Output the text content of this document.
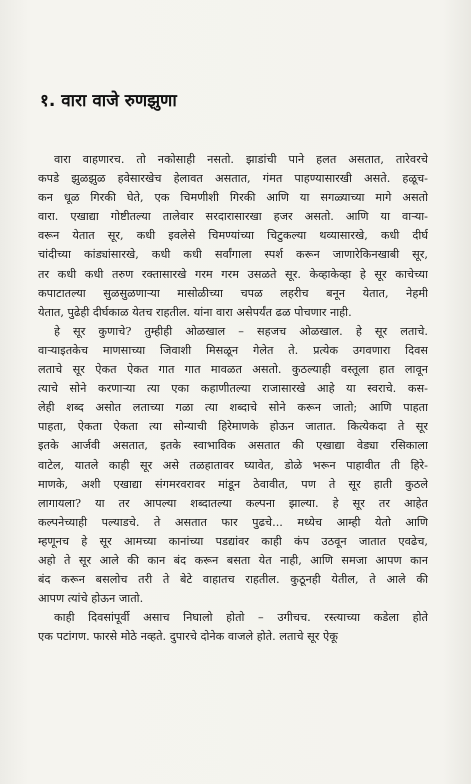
१. वारा वाजे रुणझुणा
वारा वाहणारच. तो नकोसाही नसतो. झाडांची पाने हलत असतात, तारेवरचे
कपडे झुळझुळ हवेसारखेच हेलावत असतात, गंमत पाहण्यासारखी असते. हळूच-
कन धूळ गिरकी घेते, एक चिमणीशी गिरकी आणि या सगळ्याच्या मागे असतो
वारा. एखाद्या गोष्टीतल्या तालेवार सरदारासारखा हजर असतो. आणि या वाऱ्या-
वरून येतात सूर, कधी इवलेसे चिमण्यांच्या चिटुकल्या थव्यासारखे, कधी दीर्घ
चांदीच्या कांड्यांसारखे, कधी कधी सर्वांगाला स्पर्श करून जाणारेकिनखाबी सूर,
तर कधी कधी तरुण रक्तासारखे गरम गरम उसळते सूर. केव्हाकेव्हा हे सूर काचेच्या
कपाटातल्या सुळसुळणाऱ्या मासोळीच्या चपळ लहरीच बनून येतात, नेहमी
येतात, पुढेही दीर्घकाळ येतच राहतील. यांना वारा असेपर्यंत ढळ पोचणार नाही.
हे सूर कुणाचे? तुम्हीही ओळखाल – सहजच ओळखाल. हे सूर लताचे.
वाऱ्याइतकेच माणसाच्या जिवाशी मिसळून गेलेत ते. प्रत्येक उगवणारा दिवस
लताचे सूर ऐकत ऐकत गात गात मावळत असतो. कुठल्याही वस्तूला हात लावून
त्याचे सोने करणाऱ्या त्या एका कहाणीतल्या राजासारखे आहे या स्वराचे. कस-
लेही शब्द असोत लताच्या गळा त्या शब्दाचे सोने करून जातो; आणि पाहता
पाहता, ऐकता ऐकता त्या सोन्याची हिरेमाणके होऊन जातात. कित्येकदा ते सूर
इतके आर्जवी असतात, इतके स्वाभाविक असतात की एखाद्या वेड्या रसिकाला
वाटेल, यातले काही सूर असे तळहातावर घ्यावेत, डोळे भरून पाहावीत ती हिरे-
माणके, अशी एखाद्या संगमरवरावर मांडून ठेवावीत, पण ते सूर हाती कुठले
लागायला? या तर आपल्या शब्दातल्या कल्पना झाल्या. हे सूर तर आहेत
कल्पनेच्याही पल्याडचे. ते असतात फार पुढचे... मध्येच आम्ही येतो आणि
म्हणूनच हे सूर आमच्या कानांच्या पडद्यांवर काही कंप उठवून जातात एवढेच,
अहो ते सूर आले की कान बंद करून बसता येत नाही, आणि समजा आपण कान
बंद करून बसलोच तरी ते बेटे वाहातच राहतील. कुठूनही येतील, ते आले की
आपण त्यांचे होऊन जातो.
काही दिवसांपूर्वी असाच निघालो होतो – उगीचच. रस्त्याच्या कडेला होते
एक पटांगण. फारसे मोठे नव्हते. दुपारचे दोनेक वाजले होते. लताचे सूर ऐकू
